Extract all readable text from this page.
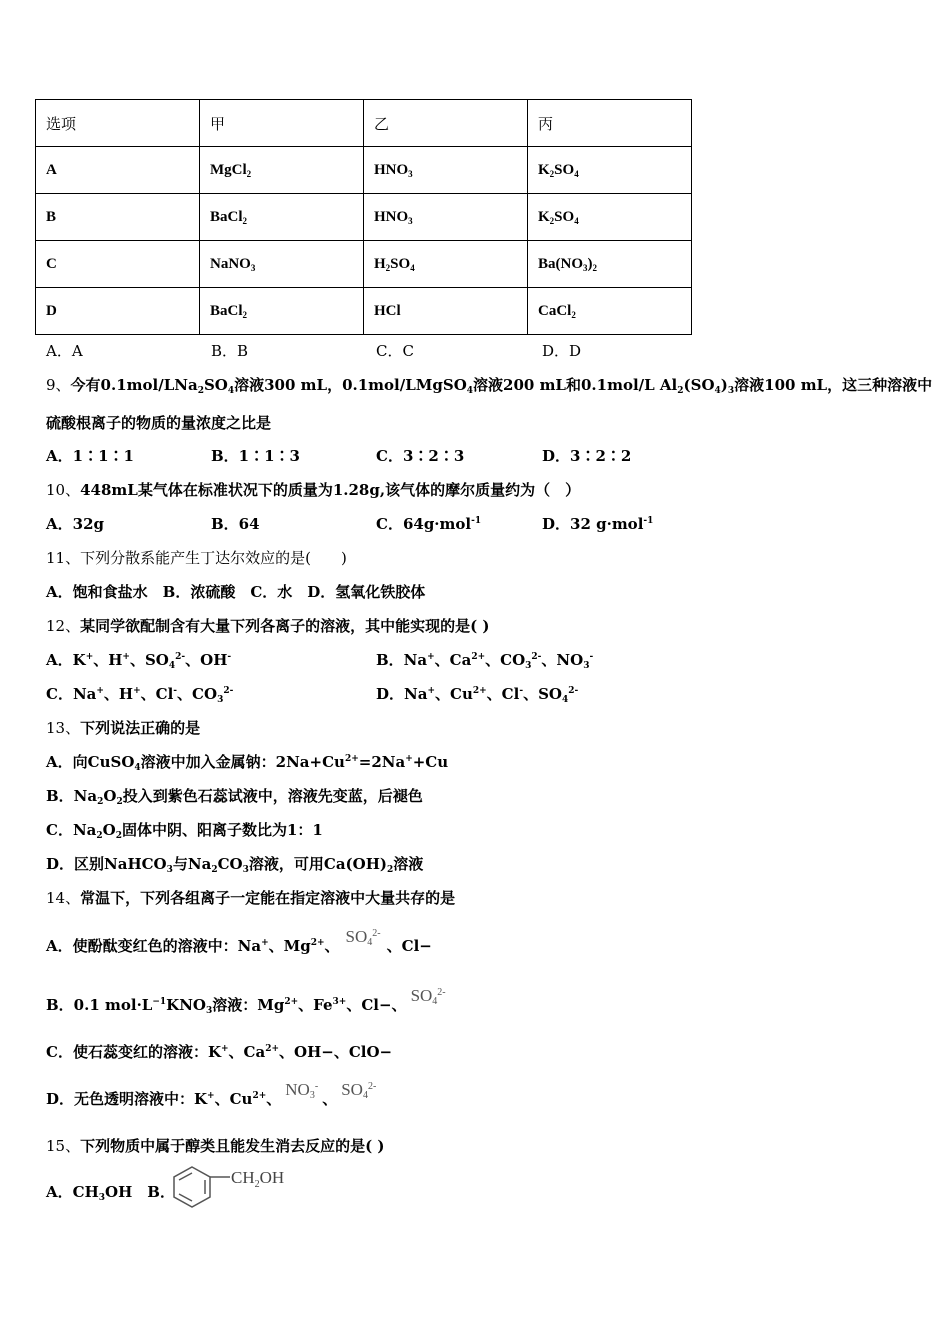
选项	甲	乙	丙
A	MgCl$_2$	$HNO_3$	$K_2SO_4$
B	BaCl$_2$	$HNO_3$	$K_2SO_4$
C	NaNO$_3$	$H_2SO_4$	$Ba(NO_3)_2$
D	BaCl$_2$	HCl	CaCl$_2$
A．A	B．B	C．C	D．D
9、今有$0.1mol/LNa_2SO_4$溶液300 mL，0.1mol/LMgSO$_4$溶液200 mL和0.1mol/L $Al_2(SO_4)_3$溶液100 mL，这三种溶液中
硫酸根离子的物质的量浓度之比是
A．1∶1∶1	B．1∶1∶3	C．3∶2∶3	D．3∶2∶2
10、448mL某气体在标准状况下的质量为1.28g,该气体的摩尔质量约为（　）
A．32g	B．64	C．64g·mol$^{-1}$	D．32 g·mol$^{-1}$
11、下列分散系能产生丁达尔效应的是(　　)
A．饱和食盐水　B．浓硫酸　C．水　D．氢氧化铁胶体
12、某同学欲配制含有大量下列各离子的溶液，其中能实现的是( )
A．K+、H+、$SO_4^{2-}$、OH-	B．Na+、$Ca^{2+}$、$CO_3^{2-}$、$NO_3^-$
C．Na+、H+、Cl-、$CO_3^{2-}$	D．Na+、$Cu^{2+}$、Cl-、$SO_4^{2-}$
13、下列说法正确的是
A．向CuSO$_4$溶液中加入金属钠：$2Na+Cu^{2+}=2Na^++Cu$
B．$Na_2O_2$投入到紫色石蕊试液中，溶液先变蓝，后褪色
C．$Na_2O_2$固体中阴、阳离子数比为1：1
D．区别NaHCO$_3$与$Na_2CO_3$溶液，可用$Ca(OH)_2$溶液
14、常温下，下列各组离子一定能在指定溶液中大量共存的是
A．使酚酞变红色的溶液中：Na+、$Mg^{2+}$、 $SO_4^{2-}$、Cl−
B．0.1 $mol\cdot L^{-1}KNO_3$溶液：$Mg^{2+}$、$Fe^{3+}$、Cl−、 $SO_4^{2-}$
C．使石蕊变红的溶液：K+、$Ca^{2+}$、OH−、ClO−
D．无色透明溶液中：K+、$Cu^{2+}$、 $NO_3^-$、 $SO_4^{2-}$
15、下列物质中属于醇类且能发生消去反应的是( )
A．$CH_3OH$　B．
$CH_2OH$
